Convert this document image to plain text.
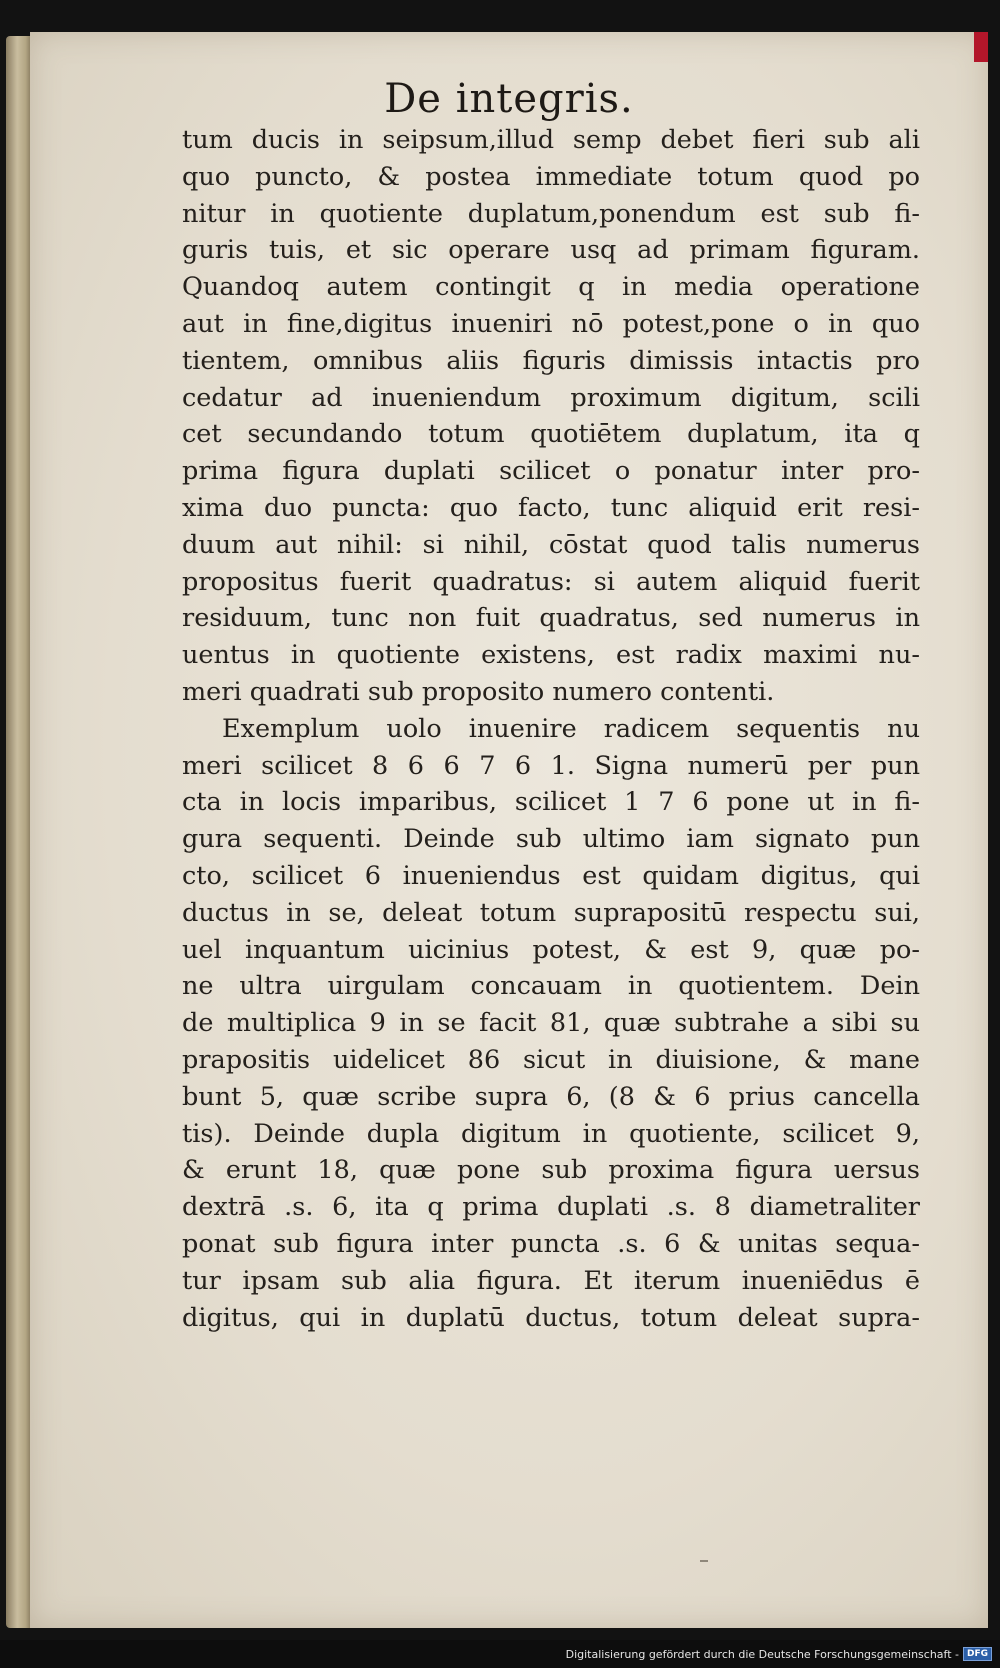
De integris.
tum ducis in seipsum,illud semp debet fieri sub ali
quo puncto, & postea immediate totum quod po
nitur in quotiente duplatum,ponendum est sub fi-
guris tuis, et sic operare usq ad primam figuram.
Quandoq autem contingit q in media operatione
aut in fine,digitus inueniri nō potest,pone o in quo
tientem, omnibus aliis figuris dimissis intactis pro
cedatur ad inueniendum proximum digitum, scili
cet secundando totum quotiētem duplatum, ita q
prima figura duplati scilicet o ponatur inter pro-
xima duo puncta: quo facto, tunc aliquid erit resi-
duum aut nihil: si nihil, cōstat quod talis numerus
propositus fuerit quadratus: si autem aliquid fuerit
residuum, tunc non fuit quadratus, sed numerus in
uentus in quotiente existens, est radix maximi nu-
meri quadrati sub proposito numero contenti.
Exemplum uolo inuenire radicem sequentis nu
meri scilicet 8 6 6 7 6 1. Signa numerū per pun
cta in locis imparibus, scilicet 1 7 6 pone ut in fi-
gura sequenti. Deinde sub ultimo iam signato pun
cto, scilicet 6 inueniendus est quidam digitus, qui
ductus in se, deleat totum suprapositū respectu sui,
uel inquantum uicinius potest, & est 9, quæ po-
ne ultra uirgulam concauam in quotientem. Dein
de multiplica 9 in se facit 81, quæ subtrahe a sibi su
prapositis uidelicet 86 sicut in diuisione, & mane
bunt 5, quæ scribe supra 6, (8 & 6 prius cancella
tis). Deinde dupla digitum in quotiente, scilicet 9,
& erunt 18, quæ pone sub proxima figura uersus
dextrā .s. 6, ita q prima duplati .s. 8 diametraliter
ponat sub figura inter puncta .s. 6 & unitas sequa-
tur ipsam sub alia figura. Et iterum inueniēdus ē
digitus, qui in duplatū ductus, totum deleat supra-
Digitalisierung gefördert durch die Deutsche Forschungsgemeinschaft - DFG
